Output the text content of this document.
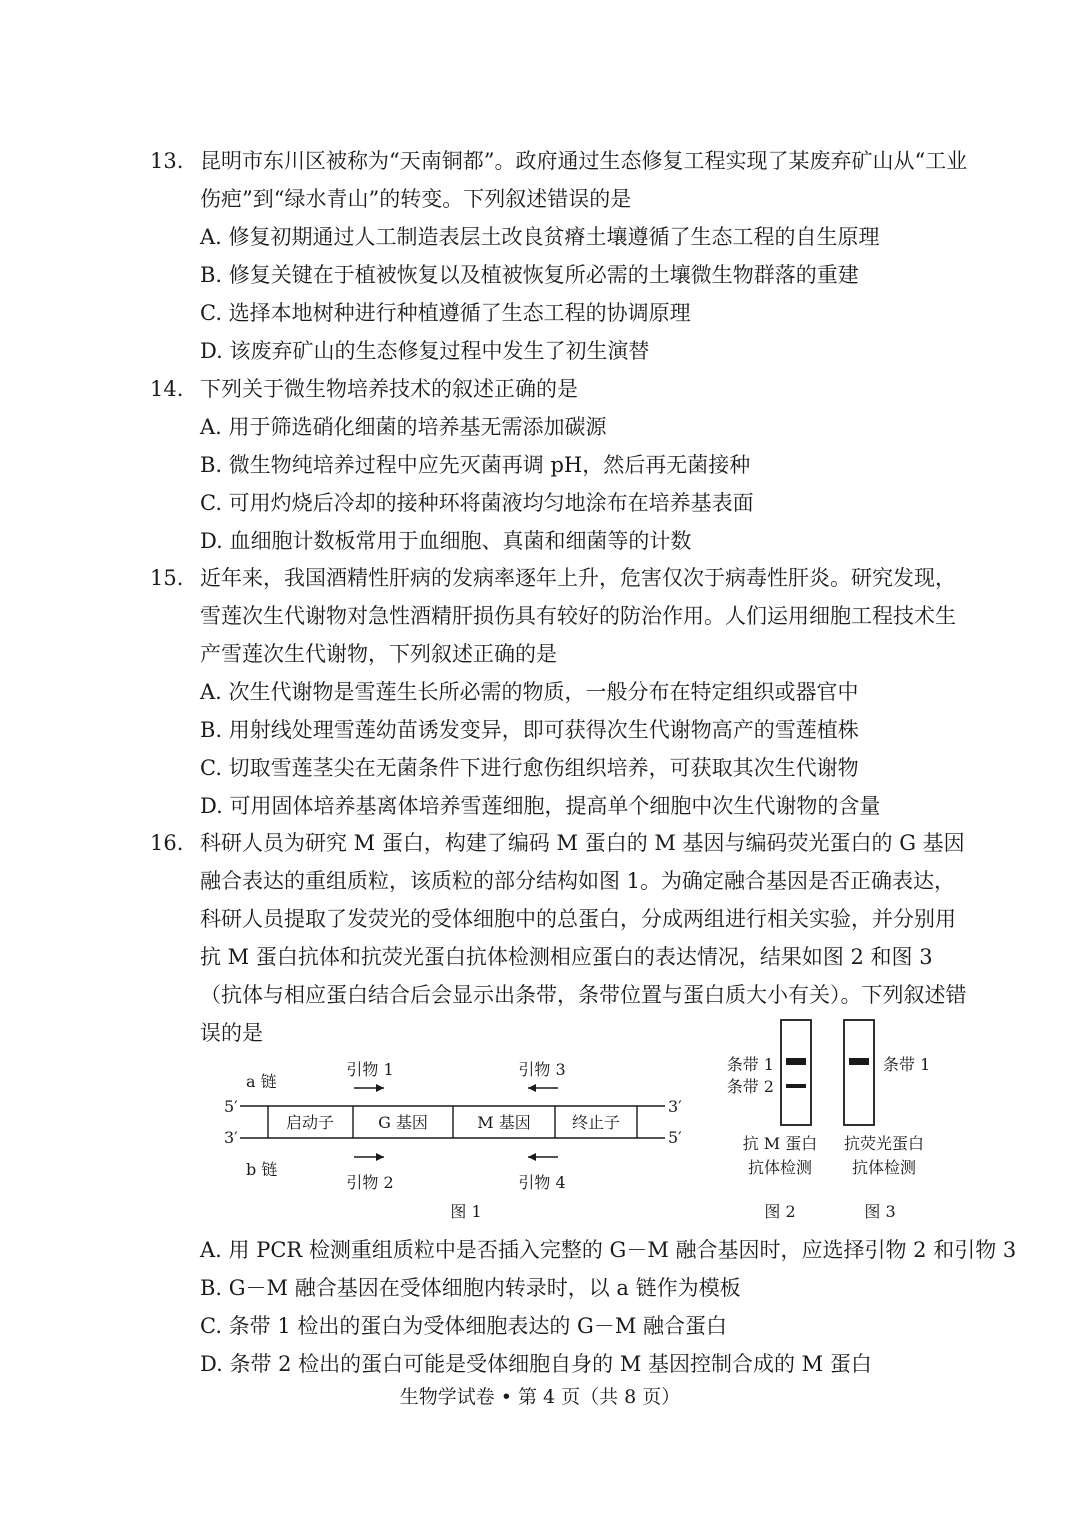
13. 昆明市东川区被称为“天南铜都”。政府通过生态修复工程实现了某废弃矿山从“工业伤疤”到“绿水青山”的转变。下列叙述错误的是
A. 修复初期通过人工制造表层土改良贫瘠土壤遵循了生态工程的自生原理
B. 修复关键在于植被恢复以及植被恢复所必需的土壤微生物群落的重建
C. 选择本地树种进行种植遵循了生态工程的协调原理
D. 该废弃矿山的生态修复过程中发生了初生演替
14. 下列关于微生物培养技术的叙述正确的是
A. 用于筛选硝化细菌的培养基无需添加碳源
B. 微生物纯培养过程中应先灭菌再调 pH，然后再无菌接种
C. 可用灼烧后冷却的接种环将菌液均匀地涂布在培养基表面
D. 血细胞计数板常用于血细胞、真菌和细菌等的计数
15. 近年来，我国酒精性肝病的发病率逐年上升，危害仅次于病毒性肝炎。研究发现，雪莲次生代谢物对急性酒精肝损伤具有较好的防治作用。人们运用细胞工程技术生产雪莲次生代谢物，下列叙述正确的是
A. 次生代谢物是雪莲生长所必需的物质，一般分布在特定组织或器官中
B. 用射线处理雪莲幼苗诱发变异，即可获得次生代谢物高产的雪莲植株
C. 切取雪莲茎尖在无菌条件下进行愈伤组织培养，可获取其次生代谢物
D. 可用固体培养基离体培养雪莲细胞，提高单个细胞中次生代谢物的含量
16. 科研人员为研究 M 蛋白，构建了编码 M 蛋白的 M 基因与编码荧光蛋白的 G 基因融合表达的重组质粒，该质粒的部分结构如图 1。为确定融合基因是否正确表达，科研人员提取了发荧光的受体细胞中的总蛋白，分成两组进行相关实验，并分别用抗 M 蛋白抗体和抗荧光蛋白抗体检测相应蛋白的表达情况，结果如图 2 和图 3（抗体与相应蛋白结合后会显示出条带，条带位置与蛋白质大小有关）。下列叙述错误的是
a 链
b 链
5′
3′
3′
5′
启动子	G 基因	M 基因	终止子
引物 1	引物 3
引物 2	引物 4
图 1
条带 1
条带 2
抗 M 蛋白
抗体检测
图 2
条带 1
抗荧光蛋白
抗体检测
图 3
A. 用 PCR 检测重组质粒中是否插入完整的 G－M 融合基因时，应选择引物 2 和引物 3
B. G－M 融合基因在受体细胞内转录时，以 a 链作为模板
C. 条带 1 检出的蛋白为受体细胞表达的 G－M 融合蛋白
D. 条带 2 检出的蛋白可能是受体细胞自身的 M 基因控制合成的 M 蛋白
生物学试卷 • 第 4 页（共 8 页）
